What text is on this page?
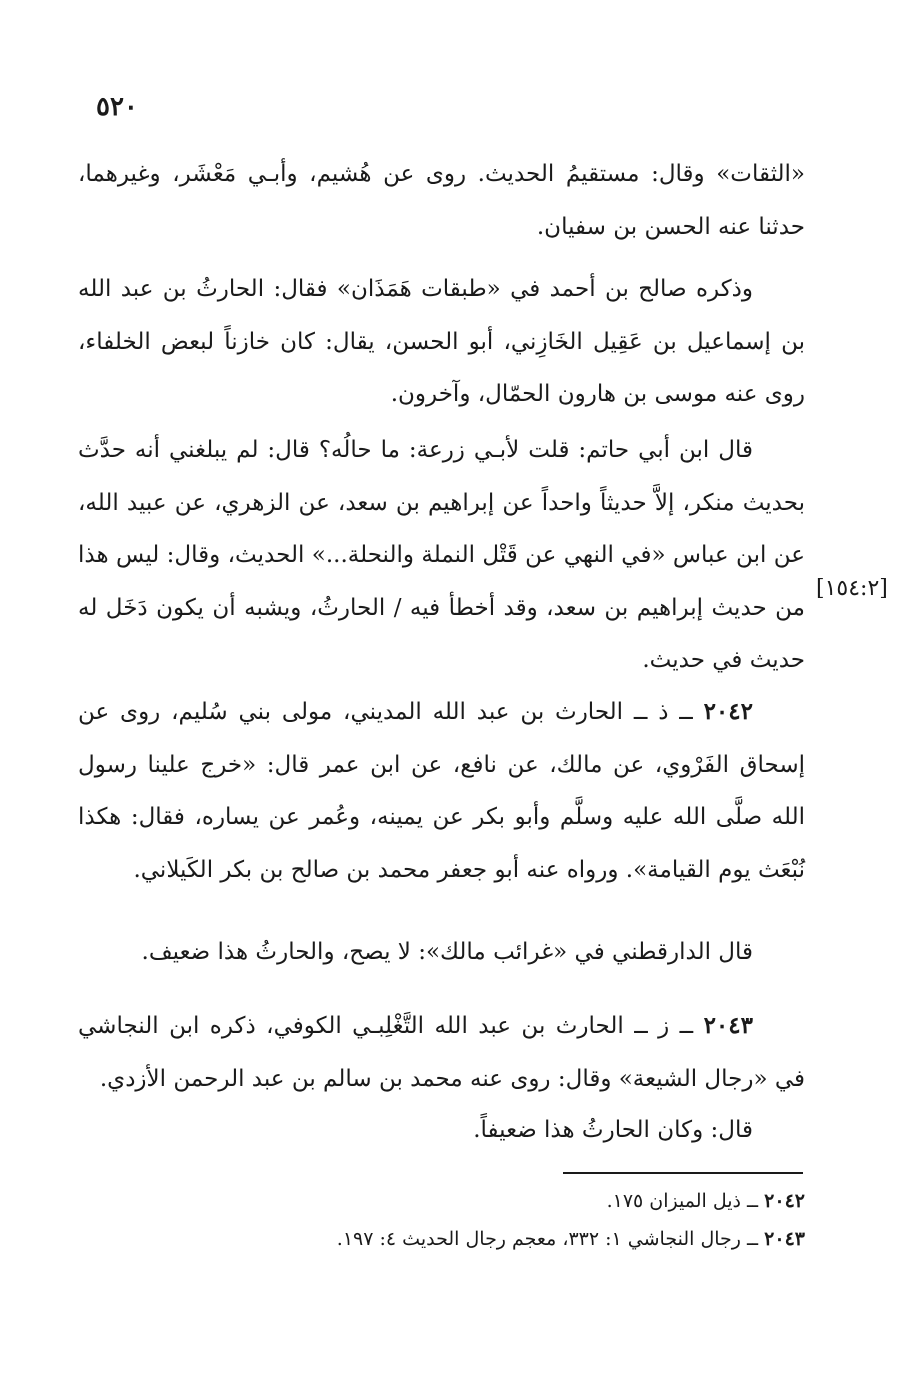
٥٢٠
«الثقات» وقال: مستقيمُ الحديث. روى عن هُشيم، وأبـي مَعْشَر، وغيرهما، حدثنا عنه الحسن بن سفيان.
وذكره صالح بن أحمد في «طبقات هَمَذَان» فقال: الحارثُ بن عبد الله بن إسماعيل بن عَقِيل الخَازِني، أبو الحسن، يقال: كان خازناً لبعض الخلفاء، روى عنه موسى بن هارون الحمّال، وآخرون.
قال ابن أبي حاتم: قلت لأبـي زرعة: ما حالُه؟ قال: لم يبلغني أنه حدَّث بحديث منكر، إلاَّ حديثاً واحداً عن إبراهيم بن سعد، عن الزهري، عن عبيد الله، عن ابن عباس «في النهي عن قَتْل النملة والنحلة...» الحديث، وقال: ليس هذا من حديث إبراهيم بن سعد، وقد أخطأ فيه / الحارثُ، ويشبه أن يكون دَخَل له حديث في حديث.
[١٥٤:٢]
٢٠٤٢ ــ ذ ــ الحارث بن عبد الله المديني، مولى بني سُليم، روى عن إسحاق الفَرْوي، عن مالك، عن نافع، عن ابن عمر قال: «خرج علينا رسول الله صلَّى الله عليه وسلَّم وأبو بكر عن يمينه، وعُمر عن يساره، فقال: هكذا نُبْعَث يوم القيامة». ورواه عنه أبو جعفر محمد بن صالح بن بكر الكَيلاني.
قال الدارقطني في «غرائب مالك»: لا يصح، والحارثُ هذا ضعيف.
٢٠٤٣ ــ ز ــ الحارث بن عبد الله التَّغْلِبـي الكوفي، ذكره ابن النجاشي في «رجال الشيعة» وقال: روى عنه محمد بن سالم بن عبد الرحمن الأزدي.
قال: وكان الحارثُ هذا ضعيفاً.
٢٠٤٢ ــ ذيل الميزان ١٧٥.
٢٠٤٣ ــ رجال النجاشي ١: ٣٣٢، معجم رجال الحديث ٤: ١٩٧.
